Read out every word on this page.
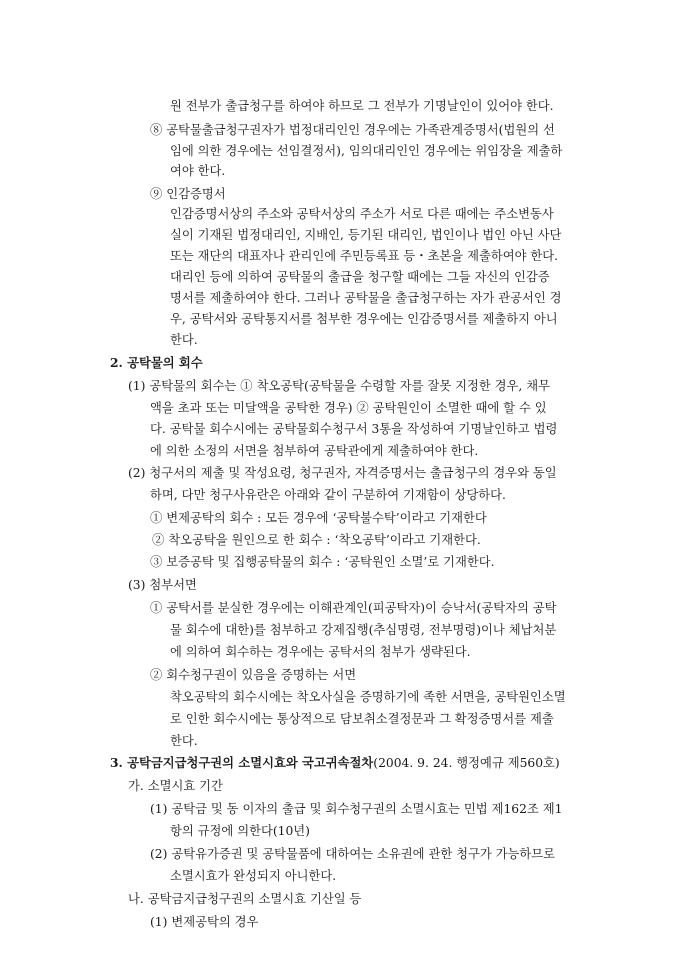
원 전부가 출급청구를 하여야 하므로 그 전부가 기명날인이 있어야 한다.
⑧ 공탁물출급청구권자가 법정대리인인 경우에는 가족관계증명서(법원의 선
임에 의한 경우에는 선임결정서), 임의대리인인 경우에는 위임장을 제출하
여야 한다.
⑨ 인감증명서
인감증명서상의 주소와 공탁서상의 주소가 서로 다른 때에는 주소변동사
실이 기재된 법정대리인, 지배인, 등기된 대리인, 법인이나 법인 아닌 사단
또는 재단의 대표자나 관리인에 주민등록표 등・초본을 제출하여야 한다.
대리인 등에 의하여 공탁물의 출급을 청구할 때에는 그들 자신의 인감증
명서를 제출하여야 한다. 그러나 공탁물을 출급청구하는 자가 관공서인 경
우, 공탁서와 공탁통지서를 첨부한 경우에는 인감증명서를 제출하지 아니
한다.
2. 공탁물의 회수
(1) 공탁물의 회수는 ① 착오공탁(공탁물을 수령할 자를 잘못 지정한 경우, 채무
액을 초과 또는 미달액을 공탁한 경우) ② 공탁원인이 소멸한 때에 할 수 있
다. 공탁물 회수시에는 공탁물회수청구서 3통을 작성하여 기명날인하고 법령
에 의한 소정의 서면을 첨부하여 공탁관에게 제출하여야 한다.
(2) 청구서의 제출 및 작성요령, 청구권자, 자격증명서는 출급청구의 경우와 동일
하며, 다만 청구사유란은 아래와 같이 구분하여 기재함이 상당하다.
① 변제공탁의 회수 : 모든 경우에 ‘공탁불수탁’이라고 기재한다
② 착오공탁을 원인으로 한 회수 : ‘착오공탁’이라고 기재한다.
③ 보증공탁 및 집행공탁물의 회수 : ‘공탁원인 소멸’로 기재한다.
(3) 첨부서면
① 공탁서를 분실한 경우에는 이해관계인(피공탁자)이 승낙서(공탁자의 공탁
물 회수에 대한)를 첨부하고 강제집행(추심명령, 전부명령)이나 체납처분
에 의하여 회수하는 경우에는 공탁서의 첨부가 생략된다.
② 회수청구권이 있음을 증명하는 서면
착오공탁의 회수시에는 착오사실을 증명하기에 족한 서면을, 공탁원인소멸
로 인한 회수시에는 통상적으로 담보취소결정문과 그 확정증명서를 제출
한다.
3. 공탁금지급청구권의 소멸시효와 국고귀속절차(2004. 9. 24. 행정예규 제560호)
가. 소멸시효 기간
(1) 공탁금 및 동 이자의 출급 및 회수청구권의 소멸시효는 민법 제162조 제1
항의 규정에 의한다(10년)
(2) 공탁유가증권 및 공탁물품에 대하여는 소유권에 관한 청구가 가능하므로
소멸시효가 완성되지 아니한다.
나. 공탁금지급청구권의 소멸시효 기산일 등
(1) 변제공탁의 경우
